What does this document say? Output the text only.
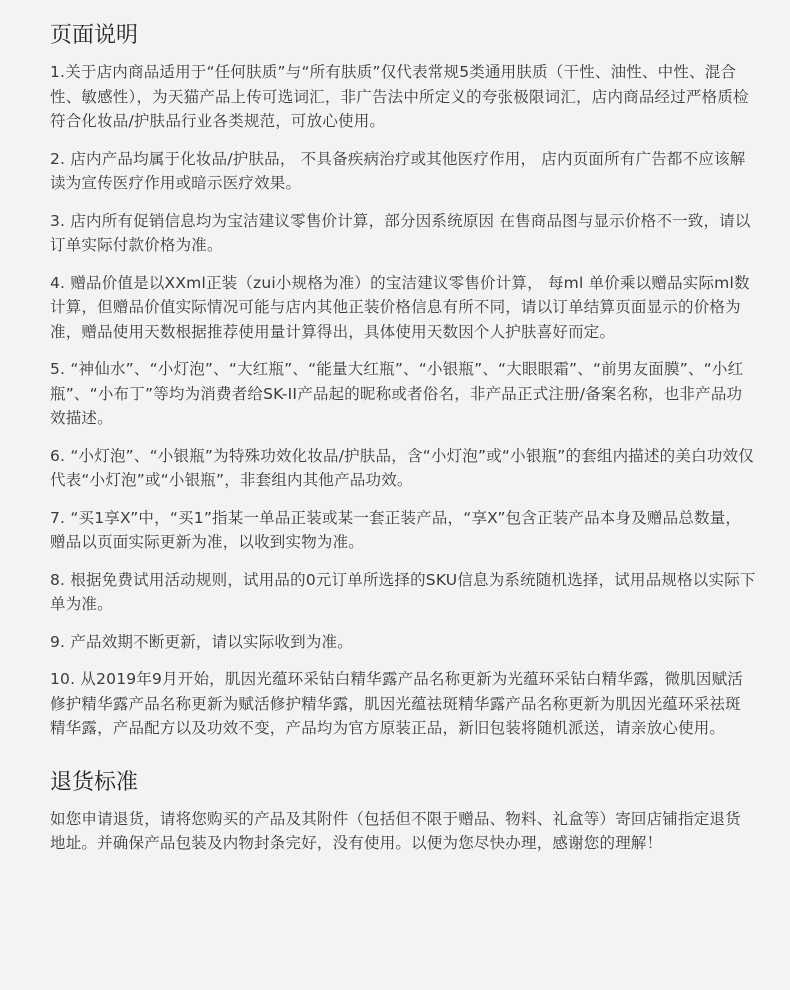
页面说明

1.关于店内商品适用于“任何肤质”与“所有肤质”仅代表常规5类通用肤质（干性、油性、中性、混合性、敏感性），为天猫产品上传可选词汇，非广告法中所定义的夸张极限词汇，店内商品经过严格质检符合化妆品/护肤品行业各类规范，可放心使用。

2. 店内产品均属于化妆品/护肤品， 不具备疾病治疗或其他医疗作用， 店内页面所有广告都不应该解读为宣传医疗作用或暗示医疗效果。

3. 店内所有促销信息均为宝洁建议零售价计算，部分因系统原因 在售商品图与显示价格不一致，请以订单实际付款价格为准。

4. 赠品价值是以XXml正装（zui小规格为准）的宝洁建议零售价计算， 每ml 单价乘以赠品实际ml数计算，但赠品价值实际情况可能与店内其他正装价格信息有所不同，请以订单结算页面显示的价格为准，赠品使用天数根据推荐使用量计算得出，具体使用天数因个人护肤喜好而定。

5. “神仙水”、“小灯泡”、“大红瓶”、“能量大红瓶”、“小银瓶”、“大眼眼霜”、“前男友面膜”、“小红瓶”、“小布丁”等均为消费者给SK-II产品起的昵称或者俗名，非产品正式注册/备案名称，也非产品功效描述。

6. “小灯泡”、“小银瓶”为特殊功效化妆品/护肤品，含“小灯泡”或“小银瓶”的套组内描述的美白功效仅代表“小灯泡”或“小银瓶”，非套组内其他产品功效。

7. “买1享X”中，“买1”指某一单品正装或某一套正装产品，“享X”包含正装产品本身及赠品总数量，赠品以页面实际更新为准，以收到实物为准。

8. 根据免费试用活动规则，试用品的0元订单所选择的SKU信息为系统随机选择，试用品规格以实际下单为准。

9. 产品效期不断更新，请以实际收到为准。

10. 从2019年9月开始，肌因光蕴环采钻白精华露产品名称更新为光蕴环采钻白精华露，微肌因赋活修护精华露产品名称更新为赋活修护精华露，肌因光蕴祛斑精华露产品名称更新为肌因光蕴环采祛斑精华露，产品配方以及功效不变，产品均为官方原装正品，新旧包装将随机派送，请亲放心使用。

退货标准

如您申请退货，请将您购买的产品及其附件（包括但不限于赠品、物料、礼盒等）寄回店铺指定退货地址。并确保产品包装及内物封条完好，没有使用。以便为您尽快办理，感谢您的理解！
